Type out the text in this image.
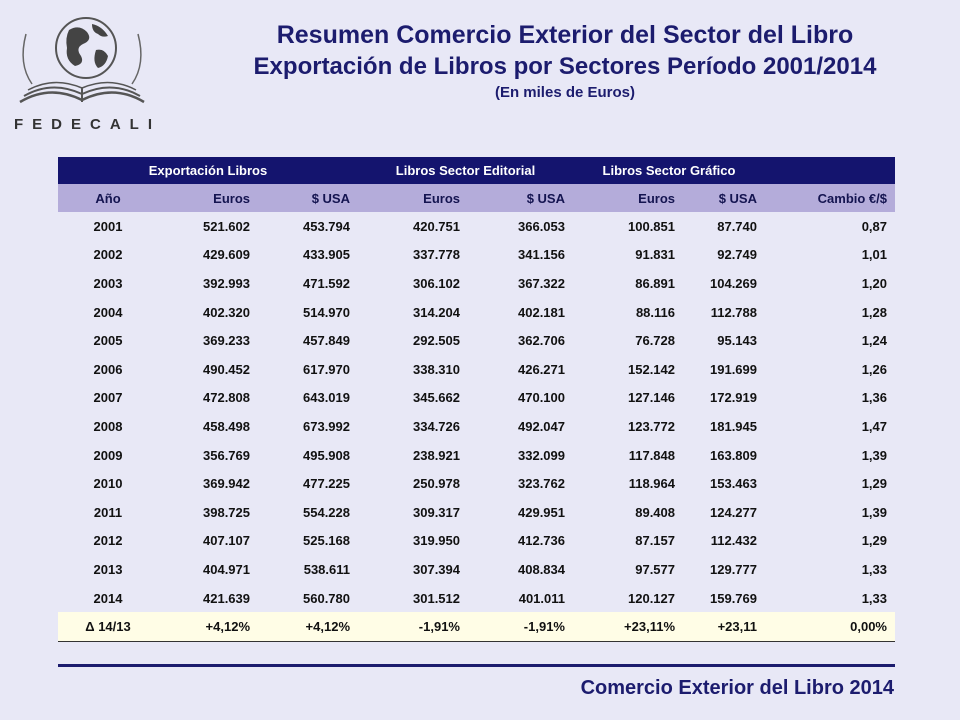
FEDECALI
Resumen Comercio Exterior del Sector del Libro
Exportación de Libros por Sectores Período 2001/2014
(En miles de Euros)
Exportación Libros			Libros Sector Editorial		Libros Sector Gráfico		
Año	Euros	$ USA	Euros	$ USA	Euros	$ USA	Cambio €/$
2001	521.602	453.794	420.751	366.053	100.851	87.740	0,87
2002	429.609	433.905	337.778	341.156	91.831	92.749	1,01
2003	392.993	471.592	306.102	367.322	86.891	104.269	1,20
2004	402.320	514.970	314.204	402.181	88.116	112.788	1,28
2005	369.233	457.849	292.505	362.706	76.728	95.143	1,24
2006	490.452	617.970	338.310	426.271	152.142	191.699	1,26
2007	472.808	643.019	345.662	470.100	127.146	172.919	1,36
2008	458.498	673.992	334.726	492.047	123.772	181.945	1,47
2009	356.769	495.908	238.921	332.099	117.848	163.809	1,39
2010	369.942	477.225	250.978	323.762	118.964	153.463	1,29
2011	398.725	554.228	309.317	429.951	89.408	124.277	1,39
2012	407.107	525.168	319.950	412.736	87.157	112.432	1,29
2013	404.971	538.611	307.394	408.834	97.577	129.777	1,33
2014	421.639	560.780	301.512	401.011	120.127	159.769	1,33
Δ 14/13	+4,12%	+4,12%	-1,91%	-1,91%	+23,11%	+23,11	0,00%

Comercio Exterior del Libro 2014
